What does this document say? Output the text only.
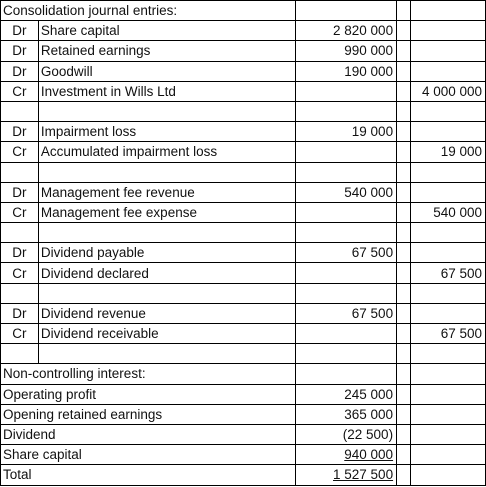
Consolidation journal entries:				
Dr	Share capital	2 820 000		
Dr	Retained earnings	990 000		
Dr	Goodwill	190 000		
Cr	Investment in Wills Ltd			4 000 000

Dr	Impairment loss	19 000		
Cr	Accumulated impairment loss			19 000

Dr	Management fee revenue	540 000		
Cr	Management fee expense			540 000

Dr	Dividend payable	67 500		
Cr	Dividend declared			67 500

Dr	Dividend revenue	67 500		
Cr	Dividend receivable			67 500

Non-controlling interest:				
Operating profit		245 000		
Opening retained earnings		365 000		
Dividend		(22 500)		
Share capital		940 000		
Total		1 527 500		
